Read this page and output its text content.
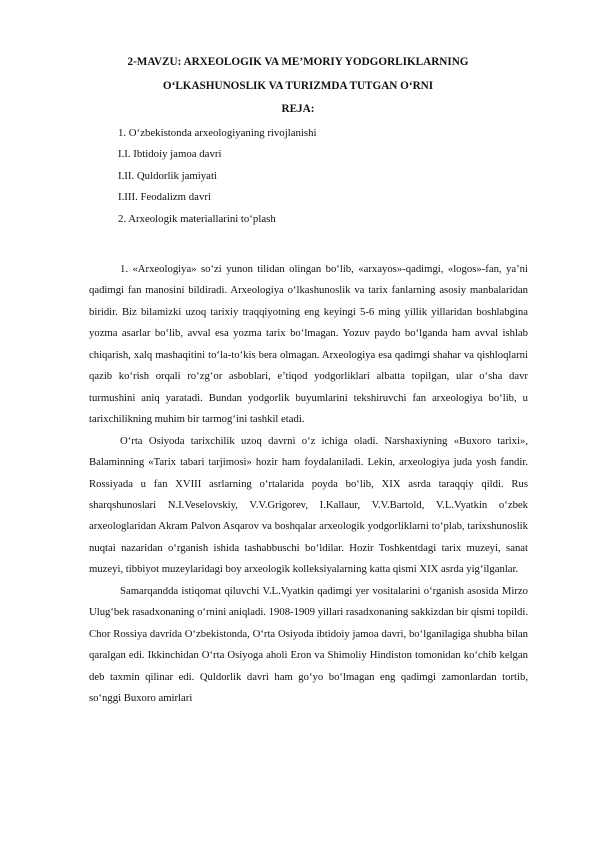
2-MAVZU: ARXEOLOGIK VA ME’MORIY YODGORLIKLARNING
O‘LKASHUNOSLIK VA TURIZMDA TUTGAN O‘RNI
REJA:
1. O‘zbekistonda arxeologiyaning rivojlanishi
I.I. Ibtidoiy jamoa davri
I.II. Quldorlik jamiyati
I.III. Feodalizm davri
2. Arxeologik materiallarini to‘plash

1. «Arxeologiya» so‘zi yunon tilidan olingan bo‘lib, «arxayos»-qadimgi, «logos»-fan, ya’ni qadimgi fan manosini bildiradi. Arxeologiya o‘lkashunoslik va tarix fanlarning asosiy manbalaridan biridir. Biz bilamizki uzoq tarixiy traqqiyotning eng keyingi 5-6 ming yillik yillaridan boshlabgina yozma asarlar bo‘lib, avval esa yozma tarix bo‘lmagan. Yozuv paydo bo‘lganda ham avval ishlab chiqarish, xalq mashaqitini to‘la-to‘kis bera olmagan. Arxeologiya esa qadimgi shahar va qishloqlarni qazib ko‘rish orqali ro‘zg‘or asboblari, e’tiqod yodgorliklari albatta topilgan, ular o‘sha davr turmushini aniq yaratadi. Bundan yodgorlik buyumlarini tekshiruvchi fan arxeologiya bo‘lib, u tarixchilikning muhim bir tarmog‘ini tashkil etadi.

O‘rta Osiyoda tarixchilik uzoq davrni o‘z ichiga oladi. Narshaxiyning «Buxoro tarixi», Balaminning «Tarix tabari tarjimosi» hozir ham foydalaniladi. Lekin, arxeologiya juda yosh fandir. Rossiyada u fan XVIII asrlarning o‘rtalarida poyda bo‘lib, XIX asrda taraqqiy qildi. Rus sharqshunoslari N.I.Veselovskiy, V.V.Grigorev, I.Kallaur, V.V.Bartold, V.L.Vyatkin o‘zbek arxeologlaridan Akram Palvon Asqarov va boshqalar arxeologik yodgorliklarni to‘plab, tarixshunoslik nuqtai nazaridan o‘rganish ishida tashabbuschi bo‘ldilar. Hozir Toshkentdagi tarix muzeyi, sanat muzeyi, tibbiyot muzeylaridagi boy arxeologik kolleksiyalarning katta qismi XIX asrda yig‘ilganlar.

Samarqandda istiqomat qiluvchi V.L.Vyatkin qadimgi yer vositalarini o‘rganish asosida Mirzo Ulug‘bek rasadxonaning o‘rnini aniqladi. 1908-1909 yillari rasadxonaning sakkizdan bir qismi topildi. Chor Rossiya davrida O‘zbekistonda, O‘rta Osiyoda ibtidoiy jamoa davri, bo‘lganilagiga shubha bilan qaralgan edi. Ikkinchidan O‘rta Osiyoga aholi Eron va Shimoliy Hindiston tomonidan ko‘chib kelgan deb taxmin qilinar edi. Quldorlik davri ham go‘yo bo‘lmagan eng qadimgi zamonlardan tortib, so‘nggi Buxoro amirlari
